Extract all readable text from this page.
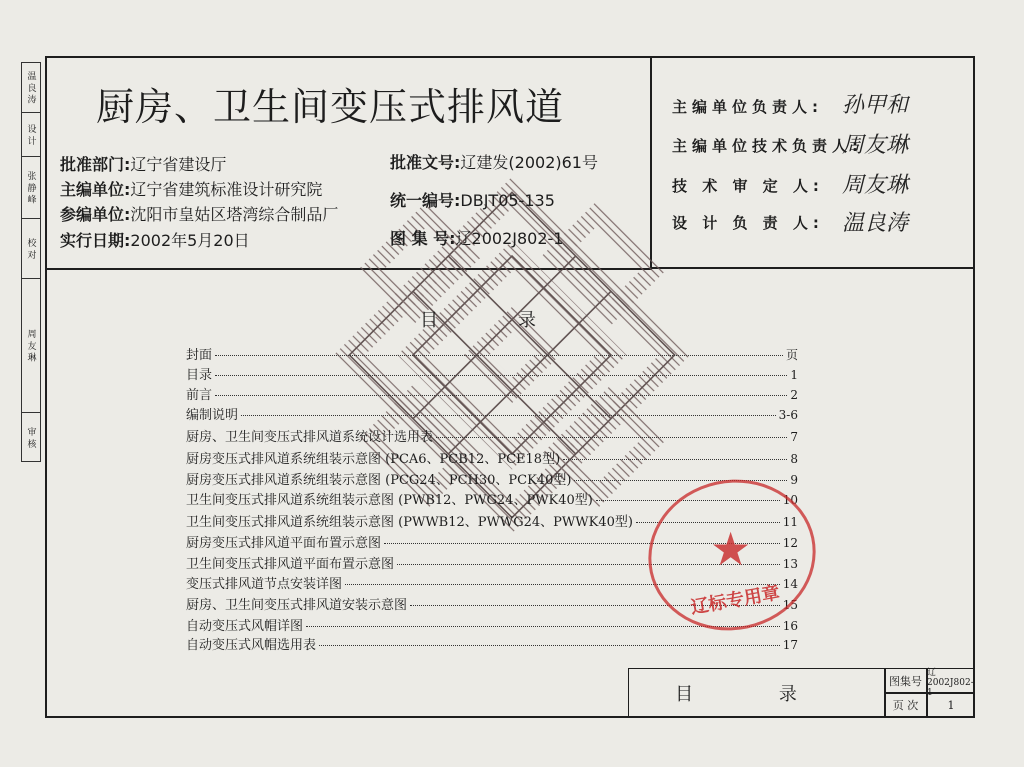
温 良 涛
设 计
张 静 峰
校 对
周 友 琳
审 核
厨房、卫生间变压式排风道
批准部门:辽宁省建设厅
主编单位:辽宁省建筑标准设计研究院
参编单位:沈阳市皇姑区塔湾综合制品厂
实行日期:2002年5月20日
批准文号:辽建发(2002)61号
统一编号:DBJT05-135
图 集 号:辽2002J802-1
主编单位负责人: 孙甲和
主编单位技术负责人:
周友琳
技 术 审 定 人: 周友琳
设 计 负 责 人: 温良涛
目录
封面	页
目录	1
前言	2
编制说明	3-6
厨房、卫生间变压式排风道系统设计选用表	7
厨房变压式排风道系统组装示意图 (PCA6、PCB12、PCE18型)	8
厨房变压式排风道系统组装示意图 (PCG24、PCH30、PCK40型)	9
卫生间变压式排风道系统组装示意图 (PWB12、PWG24、PWK40型)	10
卫生间变压式排风道系统组装示意图 (PWWB12、PWWG24、PWWK40型)	11
厨房变压式排风道平面布置示意图	12
卫生间变压式排风道平面布置示意图	13
变压式排风道节点安装详图	14
厨房、卫生间变压式排风道安装示意图	15
自动变压式风帽详图	16
自动变压式风帽选用表	17
★
辽标专用章
目 录
图集号
辽2002J802-1
页 次	1
